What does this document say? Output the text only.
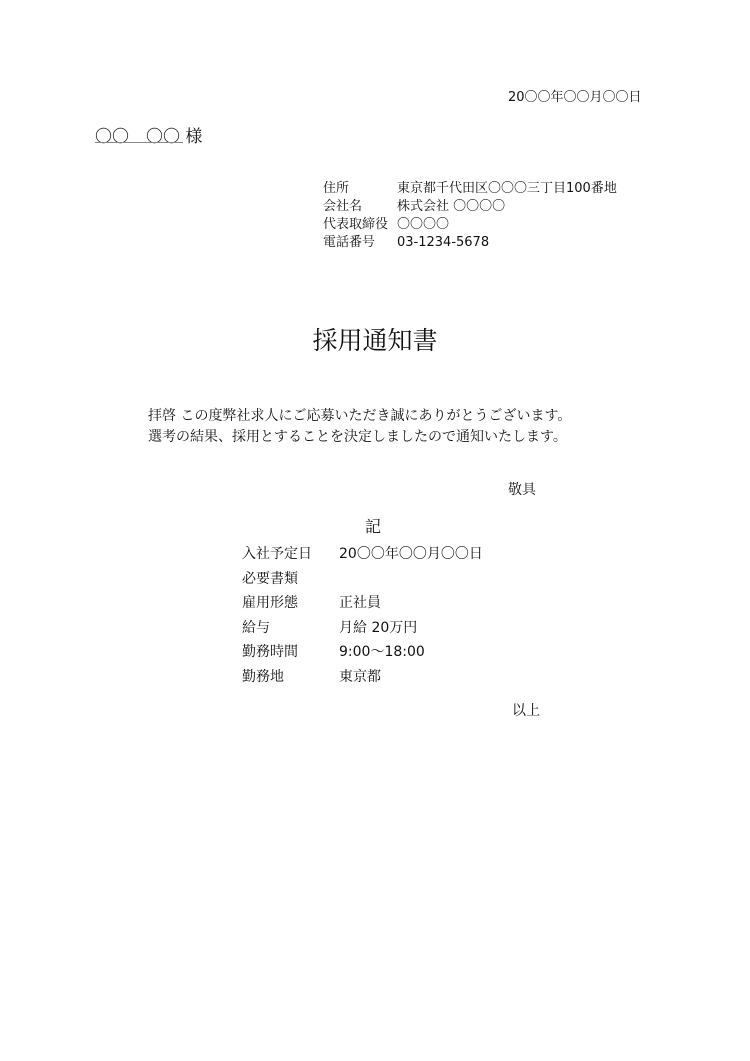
20〇〇年〇〇月〇〇日
〇〇　〇〇 様
住所	東京都千代田区〇〇〇三丁目100番地
会社名	株式会社 〇〇〇〇
代表取締役 〇〇〇〇
電話番号	03-1234-5678
採用通知書
拝啓 この度弊社求人にご応募いただき誠にありがとうございます。
選考の結果、採用とすることを決定しましたので通知いたします。
敬具
記
入社予定日	20〇〇年〇〇月〇〇日
必要書類
雇用形態	正社員
給与	月給 20万円
勤務時間	9:00〜18:00
勤務地	東京都
以上
